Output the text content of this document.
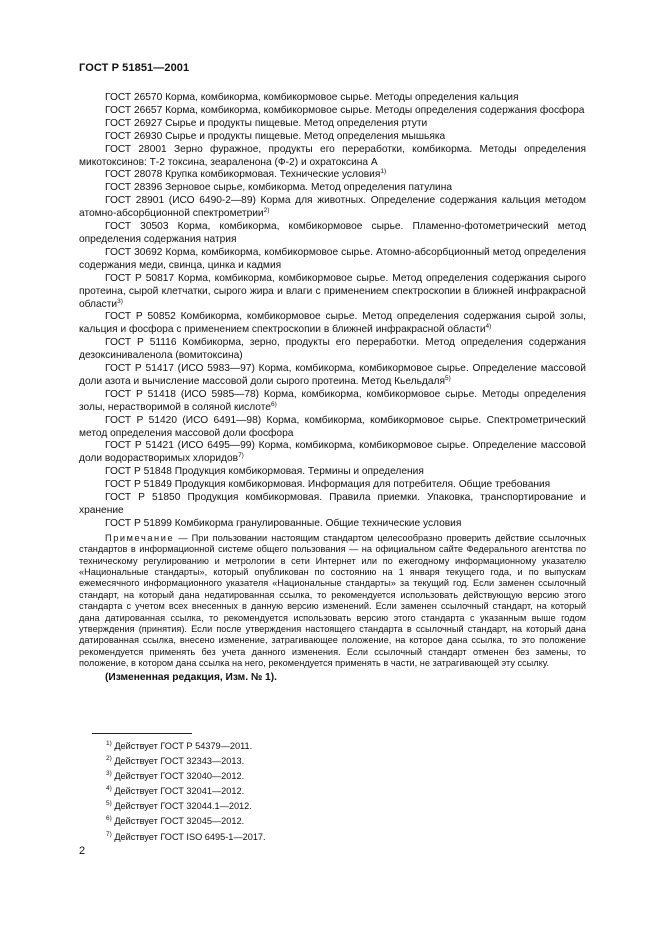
ГОСТ Р 51851—2001

ГОСТ 26570 Корма, комбикорма, комбикормовое сырье. Методы определения кальция

ГОСТ 26657 Корма, комбикорма, комбикормовое сырье. Методы определения содержания фосфора

ГОСТ 26927 Сырье и продукты пищевые. Метод определения ртути

ГОСТ 26930 Сырье и продукты пищевые. Метод определения мышьяка

ГОСТ 28001 Зерно фуражное, продукты его переработки, комбикорма. Методы определения микотоксинов: Т-2 токсина, зеараленона (Ф-2) и охратоксина А

ГОСТ 28078 Крупка комбикормовая. Технические условия$^{1)}$

ГОСТ 28396 Зерновое сырье, комбикорма. Метод определения патулина

ГОСТ 28901 (ИСО 6490-2—89) Корма для животных. Определение содержания кальция методом атомно-абсорбционной спектрометрии$^{2)}$

ГОСТ 30503 Корма, комбикорма, комбикормовое сырье. Пламенно-фотометрический метод определения содержания натрия

ГОСТ 30692 Корма, комбикорма, комбикормовое сырье. Атомно-абсорбционный метод определения содержания меди, свинца, цинка и кадмия

ГОСТ Р 50817 Корма, комбикорма, комбикормовое сырье. Метод определения содержания сырого протеина, сырой клетчатки, сырого жира и влаги с применением спектроскопии в ближней инфракрасной области$^{3)}$

ГОСТ Р 50852 Комбикорма, комбикормовое сырье. Метод определения содержания сырой золы, кальция и фосфора с применением спектроскопии в ближней инфракрасной области$^{4)}$

ГОСТ Р 51116 Комбикорма, зерно, продукты его переработки. Метод определения содержания дезоксиниваленола (вомитоксина)

ГОСТ Р 51417 (ИСО 5983—97) Корма, комбикорма, комбикормовое сырье. Определение массовой доли азота и вычисление массовой доли сырого протеина. Метод Кьельдаля$^{5)}$

ГОСТ Р 51418 (ИСО 5985—78) Корма, комбикорма, комбикормовое сырье. Методы определения золы, нерастворимой в соляной кислоте$^{6)}$

ГОСТ Р 51420 (ИСО 6491—98) Корма, комбикорма, комбикормовое сырье. Спектрометрический метод определения массовой доли фосфора

ГОСТ Р 51421 (ИСО 6495—99) Корма, комбикорма, комбикормовое сырье. Определение массовой доли водорастворимых хлоридов$^{7)}$

ГОСТ Р 51848 Продукция комбикормовая. Термины и определения

ГОСТ Р 51849 Продукция комбикормовая. Информация для потребителя. Общие требования

ГОСТ Р 51850 Продукция комбикормовая. Правила приемки. Упаковка, транспортирование и хранение

ГОСТ Р 51899 Комбикорма гранулированные. Общие технические условия

Примечание — При пользовании настоящим стандартом целесообразно проверить действие ссылочных стандартов в информационной системе общего пользования — на официальном сайте Федерального агентства по техническому регулированию и метрологии в сети Интернет или по ежегодному информационному указателю «Национальные стандарты», который опубликован по состоянию на 1 января текущего года, и по выпускам ежемесячного информационного указателя «Национальные стандарты» за текущий год. Если заменен ссылочный стандарт, на который дана недатированная ссылка, то рекомендуется использовать действующую версию этого стандарта с учетом всех внесенных в данную версию изменений. Если заменен ссылочный стандарт, на который дана датированная ссылка, то рекомендуется использовать версию этого стандарта с указанным выше годом утверждения (принятия). Если после утверждения настоящего стандарта в ссылочный стандарт, на который дана датированная ссылка, внесено изменение, затрагивающее положение, на которое дана ссылка, то это положение рекомендуется применять без учета данного изменения. Если ссылочный стандарт отменен без замены, то положение, в котором дана ссылка на него, рекомендуется применять в части, не затрагивающей эту ссылку.

(Измененная редакция, Изм. № 1).

$^{1)}$ Действует ГОСТ Р 54379—2011.

$^{2)}$ Действует ГОСТ 32343—2013.

$^{3)}$ Действует ГОСТ 32040—2012.

$^{4)}$ Действует ГОСТ 32041—2012.

$^{5)}$ Действует ГОСТ 32044.1—2012.

$^{6)}$ Действует ГОСТ 32045—2012.

$^{7)}$ Действует ГОСТ ISO 6495-1—2017.

2
